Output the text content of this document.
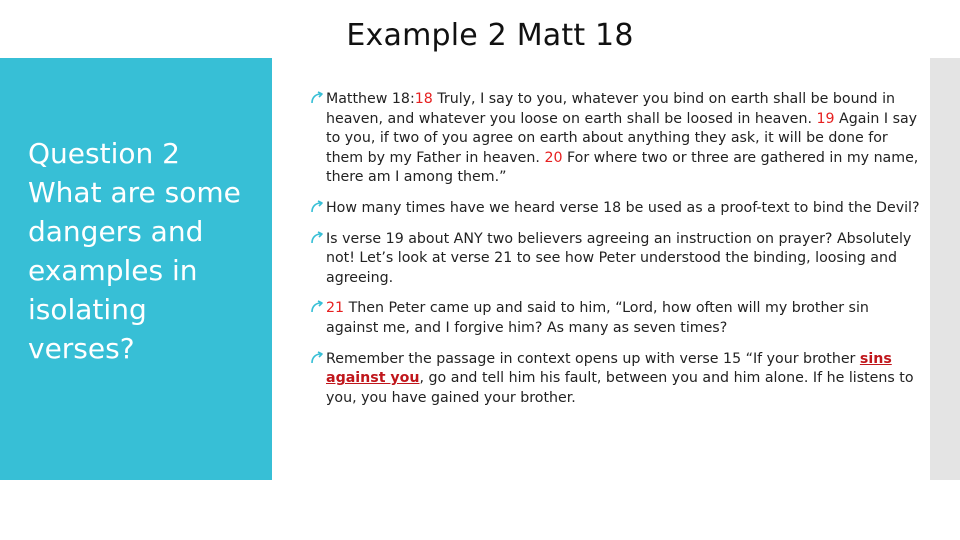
Example 2 Matt 18
Question 2
What are some
dangers and
examples in
isolating
verses?
Matthew 18:18 Truly, I say to you, whatever you bind on earth shall be bound in heaven, and whatever you loose on earth shall be loosed in heaven. 19 Again I say to you, if two of you agree on earth about anything they ask, it will be done for them by my Father in heaven. 20 For where two or three are gathered in my name, there am I among them.”
How many times have we heard verse 18 be used as a proof-text to bind the Devil?
Is verse 19 about ANY two believers agreeing an instruction on prayer? Absolutely not! Let’s look at verse 21 to see how Peter understood the binding, loosing and agreeing.
21 Then Peter came up and said to him, “Lord, how often will my brother sin against me, and I forgive him? As many as seven times?
Remember the passage in context opens up with verse 15 “If your brother sins against you, go and tell him his fault, between you and him alone. If he listens to you, you have gained your brother.
